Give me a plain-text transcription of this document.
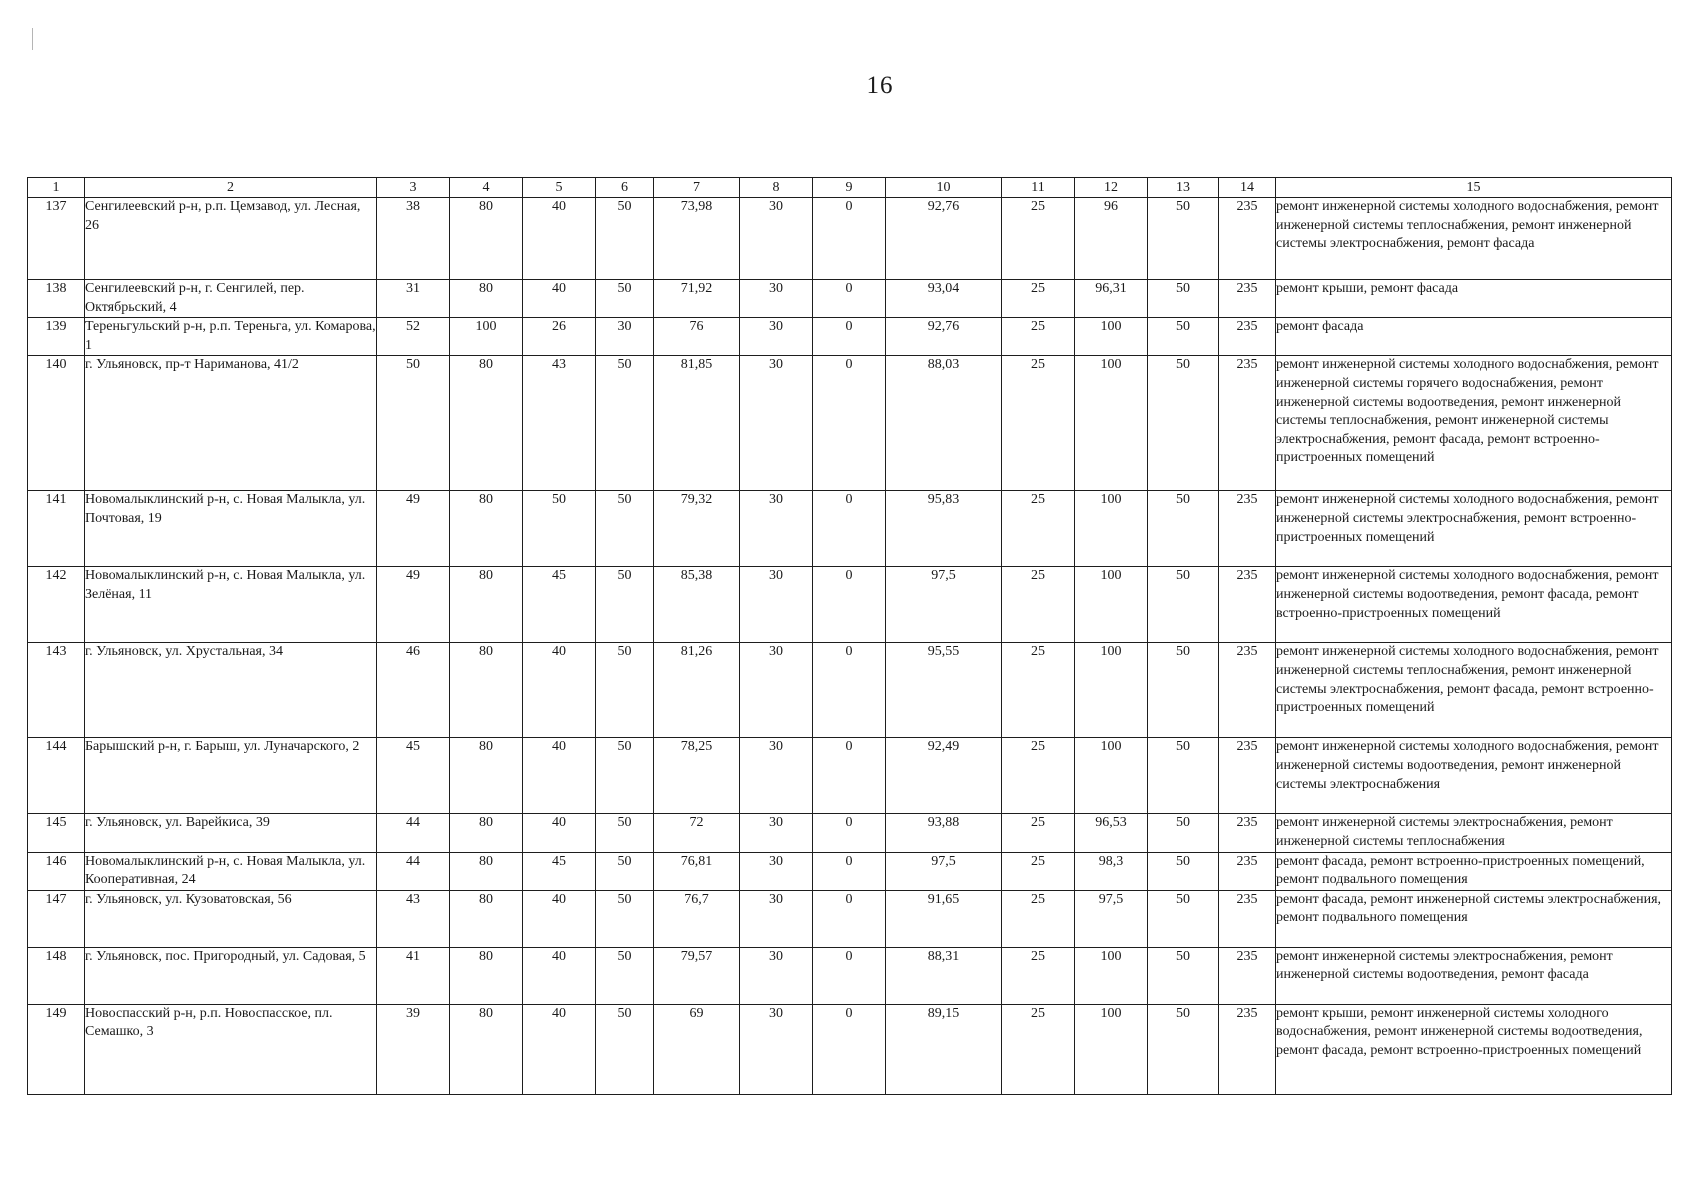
16
1	2	3	4	5	6	7	8	9	10	11	12	13	14	15
137	Сенгилеевский р-н, р.п. Цемзавод, ул. Лесная, 26	38	80	40	50	73,98	30	0	92,76	25	96	50	235	ремонт инженерной системы холодного водоснабжения, ремонт инженерной системы теплоснабжения, ремонт инженерной системы электроснабжения, ремонт фасада
138	Сенгилеевский р-н, г. Сенгилей, пер. Октябрьский, 4	31	80	40	50	71,92	30	0	93,04	25	96,31	50	235	ремонт крыши, ремонт фасада
139	Тереньгульский р-н, р.п. Тереньга, ул. Комарова, 1	52	100	26	30	76	30	0	92,76	25	100	50	235	ремонт фасада
140	г. Ульяновск, пр-т Нариманова, 41/2	50	80	43	50	81,85	30	0	88,03	25	100	50	235	ремонт инженерной системы холодного водоснабжения, ремонт инженерной системы горячего водоснабжения, ремонт инженерной системы водоотведения, ремонт инженерной системы теплоснабжения, ремонт инженерной системы электроснабжения, ремонт фасада, ремонт встроенно-пристроенных помещений
141	Новомалыклинский р-н, с. Новая Малыкла, ул. Почтовая, 19	49	80	50	50	79,32	30	0	95,83	25	100	50	235	ремонт инженерной системы холодного водоснабжения, ремонт инженерной системы электроснабжения, ремонт встроенно-пристроенных помещений
142	Новомалыклинский р-н, с. Новая Малыкла, ул. Зелёная, 11	49	80	45	50	85,38	30	0	97,5	25	100	50	235	ремонт инженерной системы холодного водоснабжения, ремонт инженерной системы водоотведения, ремонт фасада, ремонт встроенно-пристроенных помещений
143	г. Ульяновск, ул. Хрустальная, 34	46	80	40	50	81,26	30	0	95,55	25	100	50	235	ремонт инженерной системы холодного водоснабжения, ремонт инженерной системы теплоснабжения, ремонт инженерной системы электроснабжения, ремонт фасада, ремонт встроенно-пристроенных помещений
144	Барышский р-н, г. Барыш, ул. Луначарского, 2	45	80	40	50	78,25	30	0	92,49	25	100	50	235	ремонт инженерной системы холодного водоснабжения, ремонт инженерной системы водоотведения, ремонт инженерной системы электроснабжения
145	г. Ульяновск, ул. Варейкиса, 39	44	80	40	50	72	30	0	93,88	25	96,53	50	235	ремонт инженерной системы электроснабжения, ремонт инженерной системы теплоснабжения
146	Новомалыклинский р-н, с. Новая Малыкла, ул. Кооперативная, 24	44	80	45	50	76,81	30	0	97,5	25	98,3	50	235	ремонт фасада, ремонт встроенно-пристроенных помещений, ремонт подвального помещения
147	г. Ульяновск, ул. Кузоватовская, 56	43	80	40	50	76,7	30	0	91,65	25	97,5	50	235	ремонт фасада, ремонт инженерной системы электроснабжения, ремонт подвального помещения
148	г. Ульяновск, пос. Пригородный, ул. Садовая, 5	41	80	40	50	79,57	30	0	88,31	25	100	50	235	ремонт инженерной системы электроснабжения, ремонт инженерной системы водоотведения, ремонт фасада
149	Новоспасский р-н, р.п. Новоспасское, пл. Семашко, 3	39	80	40	50	69	30	0	89,15	25	100	50	235	ремонт крыши, ремонт инженерной системы холодного водоснабжения, ремонт инженерной системы водоотведения, ремонт фасада, ремонт встроенно-пристроенных помещений
